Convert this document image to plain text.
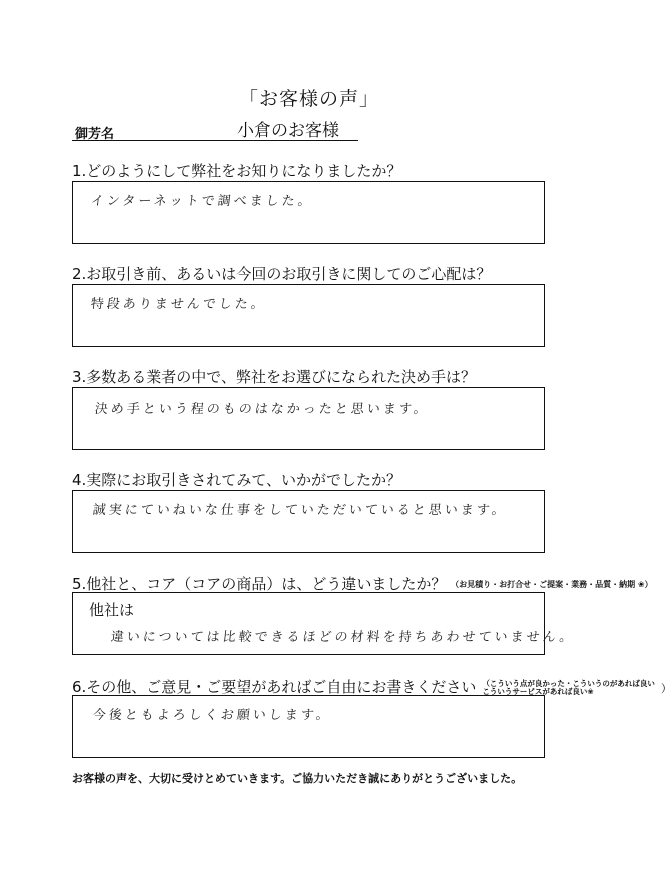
「お客様の声」
御芳名	小倉のお客様
1.どのようにして弊社をお知りになりましたか？
インターネットで調べました。
2.お取引き前、あるいは今回のお取引きに関してのご心配は？
特段ありませんでした。
3.多数ある業者の中で、弊社をお選びになられた決め手は？
決め手という程のものはなかったと思います。
4.実際にお取引きされてみて、いかがでしたか？
誠実にていねいな仕事をしていただいていると思います。
5.他社と、コア（コアの商品）は、どう違いましたか？ （お見積り・お打合せ・ご提案・業務・品質・納期 ❀）
他社は
違いについては比較できるほどの材料を持ちあわせていません。
6.その他、ご意見・ご要望があればご自由にお書きください （こういう点が良かった・こういうのがあれば良い
こういうサービスがあれば良い❀	）
今後ともよろしくお願いします。
お客様の声を、大切に受けとめていきます。ご協力いただき誠にありがとうございました。
